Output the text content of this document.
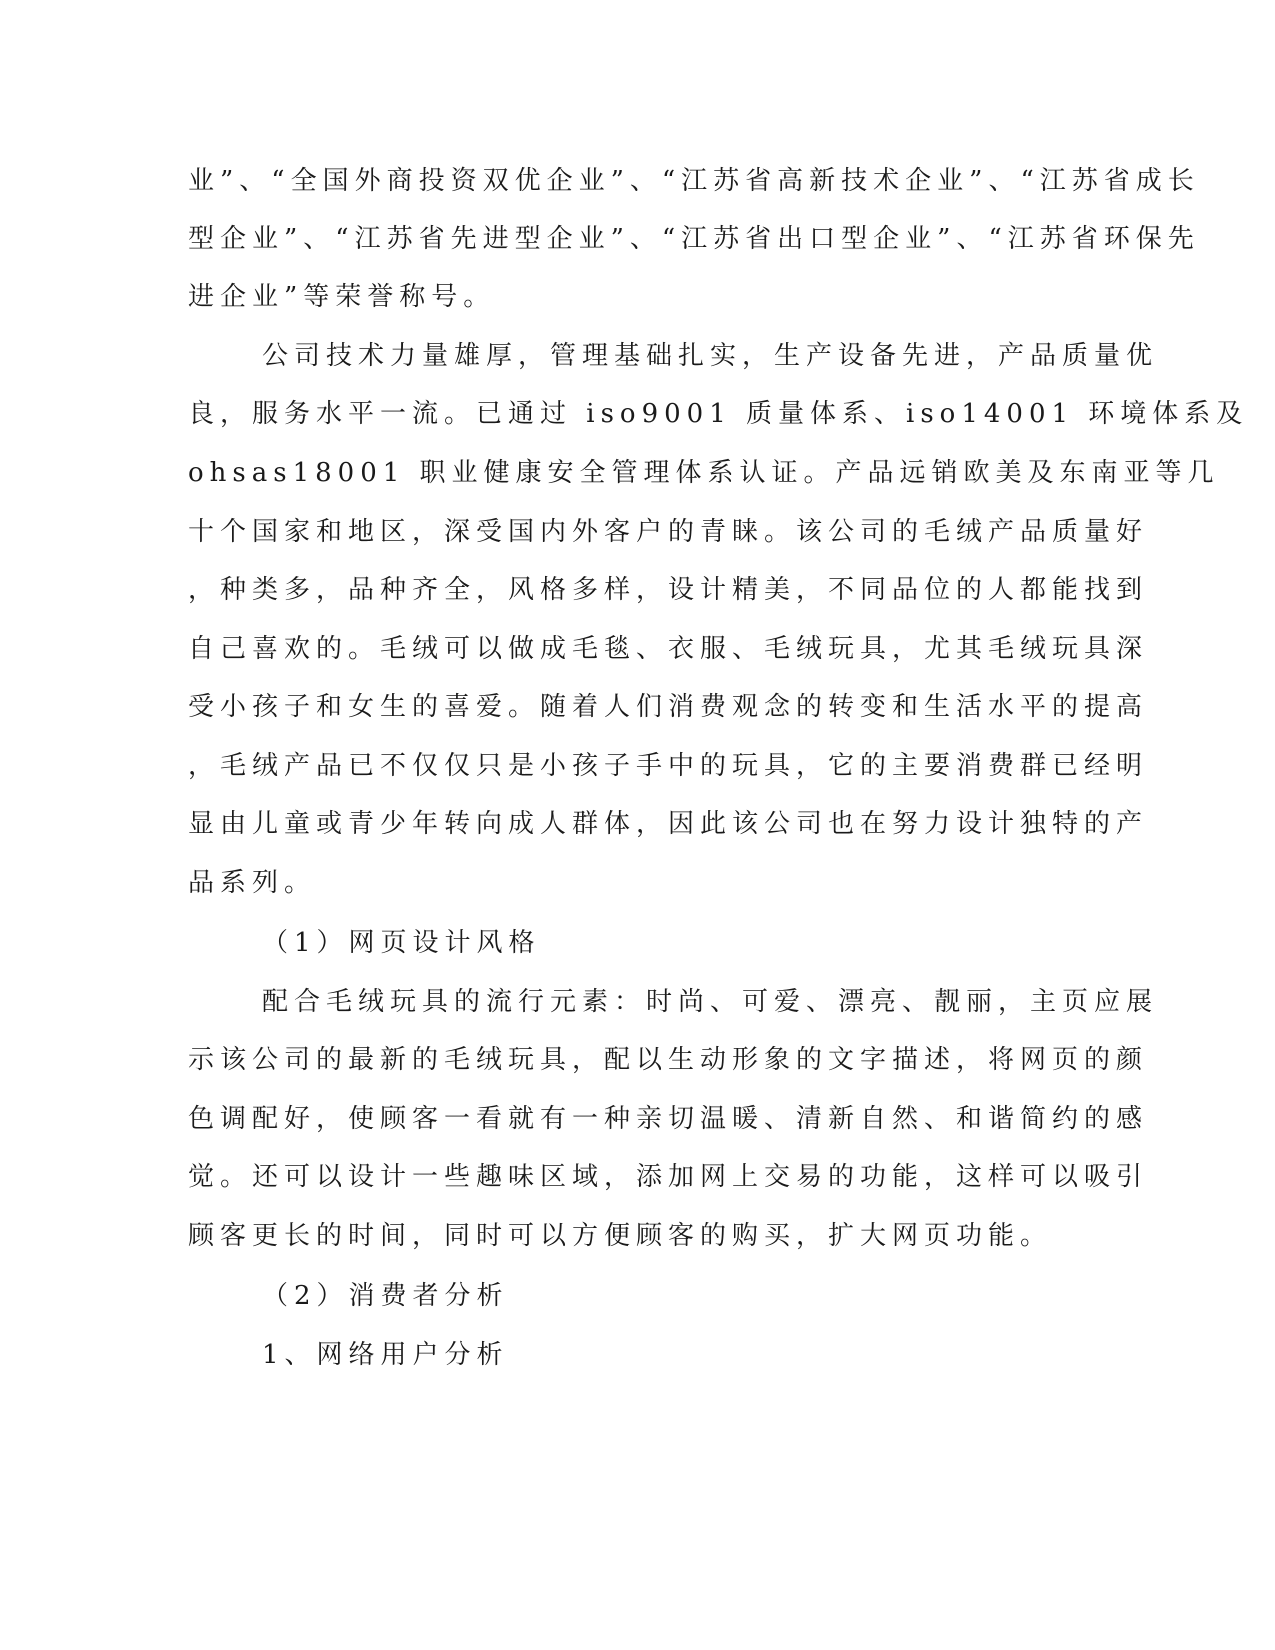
业”、“全国外商投资双优企业”、“江苏省高新技术企业”、“江苏省成长
型企业”、“江苏省先进型企业”、“江苏省出口型企业”、“江苏省环保先
进企业”等荣誉称号。
公司技术力量雄厚，管理基础扎实，生产设备先进，产品质量优
良，服务水平一流。已通过 iso9001 质量体系、iso14001 环境体系及
ohsas18001 职业健康安全管理体系认证。产品远销欧美及东南亚等几
十个国家和地区，深受国内外客户的青睐。该公司的毛绒产品质量好
，种类多，品种齐全，风格多样，设计精美，不同品位的人都能找到
自己喜欢的。毛绒可以做成毛毯、衣服、毛绒玩具，尤其毛绒玩具深
受小孩子和女生的喜爱。随着人们消费观念的转变和生活水平的提高
，毛绒产品已不仅仅只是小孩子手中的玩具，它的主要消费群已经明
显由儿童或青少年转向成人群体，因此该公司也在努力设计独特的产
品系列。
（1）网页设计风格
配合毛绒玩具的流行元素：时尚、可爱、漂亮、靓丽，主页应展
示该公司的最新的毛绒玩具，配以生动形象的文字描述，将网页的颜
色调配好，使顾客一看就有一种亲切温暖、清新自然、和谐简约的感
觉。还可以设计一些趣味区域，添加网上交易的功能，这样可以吸引
顾客更长的时间，同时可以方便顾客的购买，扩大网页功能。
（2）消费者分析
1、网络用户分析
